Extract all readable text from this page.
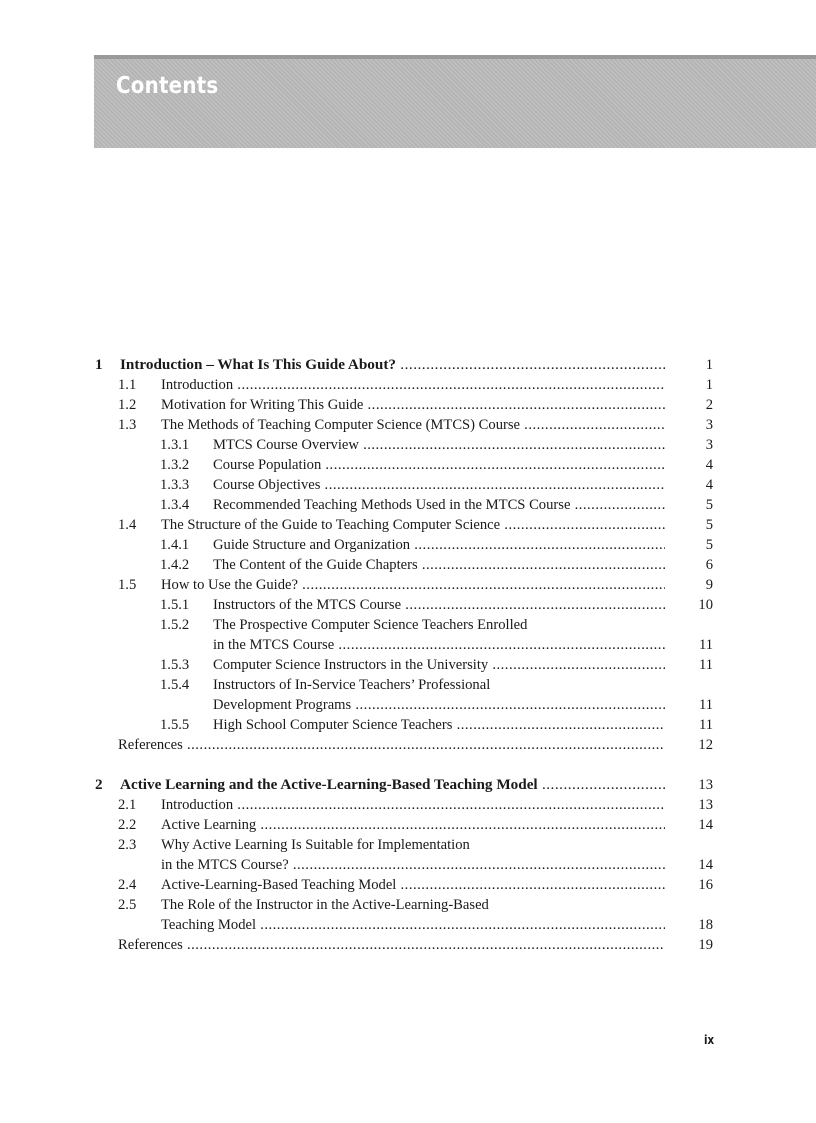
Contents
1 Introduction – What Is This Guide About? .....	1
1.1 Introduction .....	1
1.2 Motivation for Writing This Guide .....	2
1.3 The Methods of Teaching Computer Science (MTCS) Course .....	3
1.3.1 MTCS Course Overview .....	3
1.3.2 Course Population .....	4
1.3.3 Course Objectives .....	4
1.3.4 Recommended Teaching Methods Used in the MTCS Course .....	5
1.4 The Structure of the Guide to Teaching Computer Science .....	5
1.4.1 Guide Structure and Organization .....	5
1.4.2 The Content of the Guide Chapters .....	6
1.5 How to Use the Guide? .....	9
1.5.1 Instructors of the MTCS Course .....	10
1.5.2 The Prospective Computer Science Teachers Enrolled
in the MTCS Course .....	11
1.5.3 Computer Science Instructors in the University .....	11
1.5.4 Instructors of In-Service Teachers’ Professional
Development Programs .....	11
1.5.5 High School Computer Science Teachers .....	11
References .....	12
2 Active Learning and the Active-Learning-Based Teaching Model .....	13
2.1 Introduction .....	13
2.2 Active Learning .....	14
2.3 Why Active Learning Is Suitable for Implementation
in the MTCS Course? .....	14
2.4 Active-Learning-Based Teaching Model .....	16
2.5 The Role of the Instructor in the Active-Learning-Based
Teaching Model .....	18
References .....	19
ix
